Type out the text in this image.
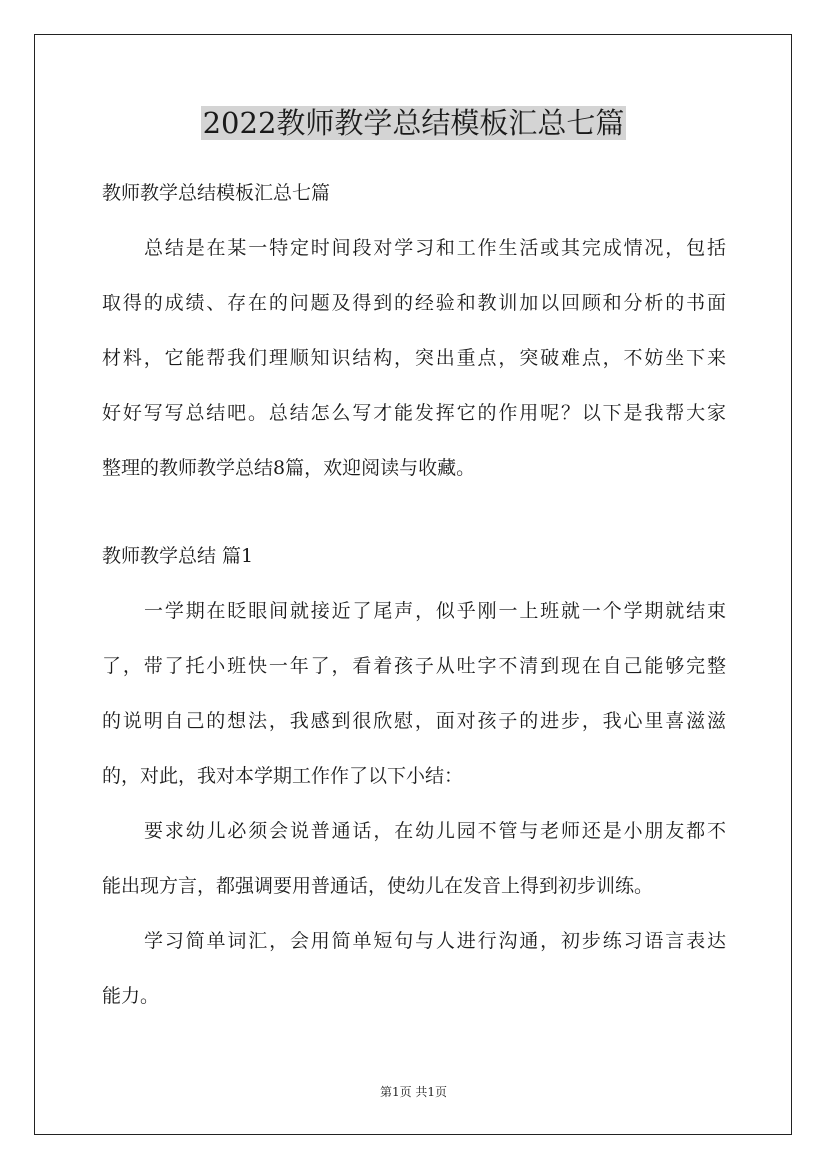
2022教师教学总结模板汇总七篇

教师教学总结模板汇总七篇

总结是在某一特定时间段对学习和工作生活或其完成情况，包括

取得的成绩、存在的问题及得到的经验和教训加以回顾和分析的书面

材料，它能帮我们理顺知识结构，突出重点，突破难点，不妨坐下来

好好写写总结吧。总结怎么写才能发挥它的作用呢？以下是我帮大家

整理的教师教学总结8篇，欢迎阅读与收藏。

教师教学总结 篇1

一学期在眨眼间就接近了尾声，似乎刚一上班就一个学期就结束

了，带了托小班快一年了，看着孩子从吐字不清到现在自己能够完整

的说明自己的想法，我感到很欣慰，面对孩子的进步，我心里喜滋滋

的，对此，我对本学期工作作了以下小结：

要求幼儿必须会说普通话，在幼儿园不管与老师还是小朋友都不

能出现方言，都强调要用普通话，使幼儿在发音上得到初步训练。

学习简单词汇，会用简单短句与人进行沟通，初步练习语言表达

能力。

第1页 共1页
